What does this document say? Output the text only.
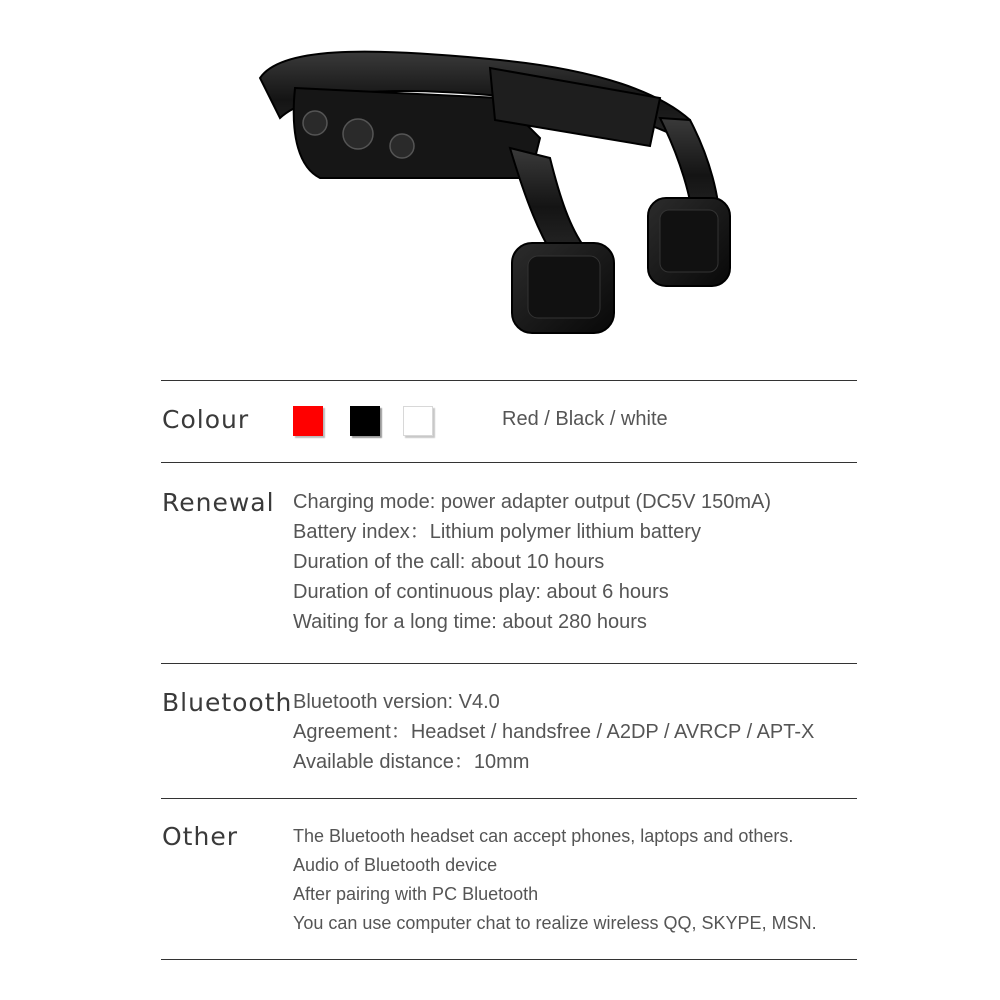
Colour	Red / Black / white
Renewal Charging mode: power adapter output (DC5V 150mA)
Battery index：Lithium polymer lithium battery
Duration of the call: about 10 hours
Duration of continuous play: about 6 hours
Waiting for a long time: about 280 hours
Bluetooth Bluetooth version: V4.0
Agreement：Headset / handsfree / A2DP / AVRCP / APT-X
Available distance：10mm
Other	The Bluetooth headset can accept phones, laptops and others.
Audio of Bluetooth device
After pairing with PC Bluetooth
You can use computer chat to realize wireless QQ, SKYPE, MSN.
